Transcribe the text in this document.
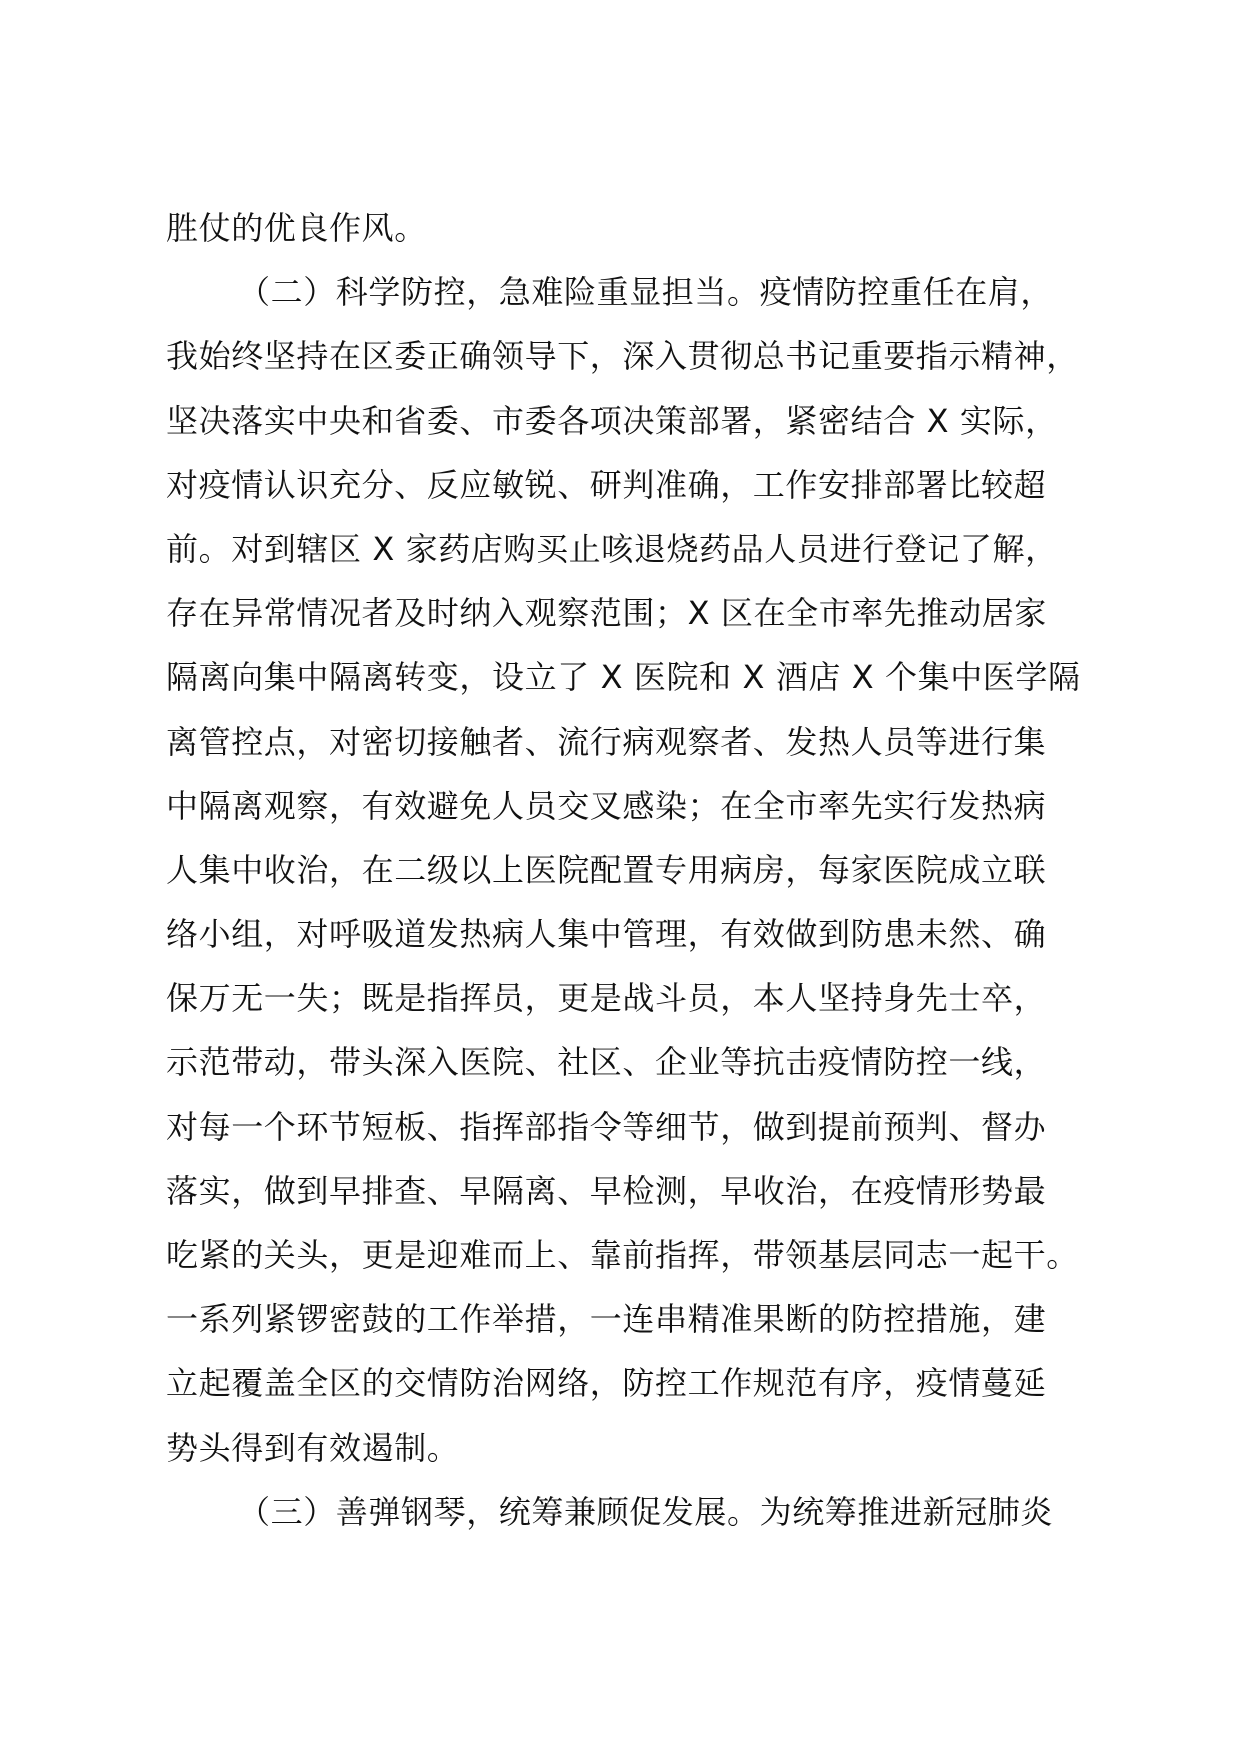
胜仗的优良作风。
（二）科学防控，急难险重显担当。疫情防控重任在肩，
我始终坚持在区委正确领导下，深入贯彻总书记重要指示精神，
坚决落实中央和省委、市委各项决策部署，紧密结合 X 实际，
对疫情认识充分、反应敏锐、研判准确，工作安排部署比较超
前。对到辖区 X 家药店购买止咳退烧药品人员进行登记了解，
存在异常情况者及时纳入观察范围；X 区在全市率先推动居家
隔离向集中隔离转变，设立了 X 医院和 X 酒店 X 个集中医学隔
离管控点，对密切接触者、流行病观察者、发热人员等进行集
中隔离观察，有效避免人员交叉感染；在全市率先实行发热病
人集中收治，在二级以上医院配置专用病房，每家医院成立联
络小组，对呼吸道发热病人集中管理，有效做到防患未然、确
保万无一失；既是指挥员，更是战斗员，本人坚持身先士卒，
示范带动，带头深入医院、社区、企业等抗击疫情防控一线，
对每一个环节短板、指挥部指令等细节，做到提前预判、督办
落实，做到早排查、早隔离、早检测，早收治，在疫情形势最
吃紧的关头，更是迎难而上、靠前指挥，带领基层同志一起干。
一系列紧锣密鼓的工作举措，一连串精准果断的防控措施，建
立起覆盖全区的交情防治网络，防控工作规范有序，疫情蔓延
势头得到有效遏制。
（三）善弹钢琴，统筹兼顾促发展。为统筹推进新冠肺炎
